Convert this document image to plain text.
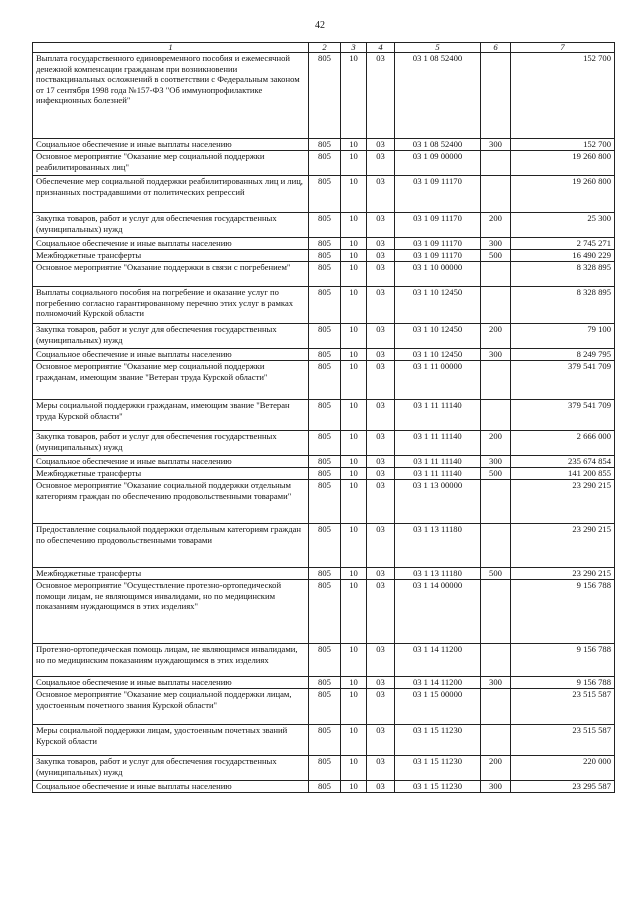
42
1	2	3	4	5	6	7
Выплата государственного единовременного пособия и ежемесячной денежной компенсации гражданам при возникновении поствакцинальных осложнений в соответствии с Федеральным законом от 17 сентября 1998 года №157-ФЗ "Об иммунопрофилактике инфекционных болезней"	805	10	03	03 1 08 52400		152 700
Социальное обеспечение и иные выплаты населению	805	10	03	03 1 08 52400	300	152 700
Основное мероприятие "Оказание мер социальной поддержки реабилитированных лиц"	805	10	03	03 1 09 00000		19 260 800
Обеспечение мер социальной поддержки реабилитированных лиц и лиц, признанных пострадавшими от политических репрессий	805	10	03	03 1 09 11170		19 260 800
Закупка товаров, работ и услуг для обеспечения государственных (муниципальных) нужд	805	10	03	03 1 09 11170	200	25 300
Социальное обеспечение и иные выплаты населению	805	10	03	03 1 09 11170	300	2 745 271
Межбюджетные трансферты	805	10	03	03 1 09 11170	500	16 490 229
Основное мероприятие "Оказание поддержки в связи с погребением"	805	10	03	03 1 10 00000		8 328 895
Выплаты социального пособия на погребение и оказание услуг по погребению согласно гарантированному перечню этих услуг в рамках полномочий Курской области	805	10	03	03 1 10 12450		8 328 895
Закупка товаров, работ и услуг для обеспечения государственных (муниципальных) нужд	805	10	03	03 1 10 12450	200	79 100
Социальное обеспечение и иные выплаты населению	805	10	03	03 1 10 12450	300	8 249 795
Основное мероприятие "Оказание мер социальной поддержки гражданам, имеющим звание "Ветеран труда Курской области"	805	10	03	03 1 11 00000		379 541 709
Меры социальной поддержки гражданам, имеющим звание "Ветеран труда Курской области"	805	10	03	03 1 11 11140		379 541 709
Закупка товаров, работ и услуг для обеспечения государственных (муниципальных) нужд	805	10	03	03 1 11 11140	200	2 666 000
Социальное обеспечение и иные выплаты населению	805	10	03	03 1 11 11140	300	235 674 854
Межбюджетные трансферты	805	10	03	03 1 11 11140	500	141 200 855
Основное мероприятие "Оказание социальной поддержки отдельным категориям граждан по обеспечению продовольственными товарами"	805	10	03	03 1 13 00000		23 290 215
Предоставление социальной поддержки отдельным категориям граждан по обеспечению продовольственными товарами	805	10	03	03 1 13 11180		23 290 215
Межбюджетные трансферты	805	10	03	03 1 13 11180	500	23 290 215
Основное мероприятие "Осуществление протезно-ортопедической помощи лицам, не являющимся инвалидами, но по медицинским показаниям нуждающимся в этих изделиях"	805	10	03	03 1 14 00000		9 156 788
Протезно-ортопедическая помощь лицам, не являющимся инвалидами, но по медицинским показаниям нуждающимся в этих изделиях	805	10	03	03 1 14 11200		9 156 788
Социальное обеспечение и иные выплаты населению	805	10	03	03 1 14 11200	300	9 156 788
Основное мероприятие "Оказание мер социальной поддержки лицам, удостоенным почетного звания Курской области"	805	10	03	03 1 15 00000		23 515 587
Меры социальной поддержки лицам, удостоенным почетных званий Курской области	805	10	03	03 1 15 11230		23 515 587
Закупка товаров, работ и услуг для обеспечения государственных (муниципальных) нужд	805	10	03	03 1 15 11230	200	220 000
Социальное обеспечение и иные выплаты населению	805	10	03	03 1 15 11230	300	23 295 587
